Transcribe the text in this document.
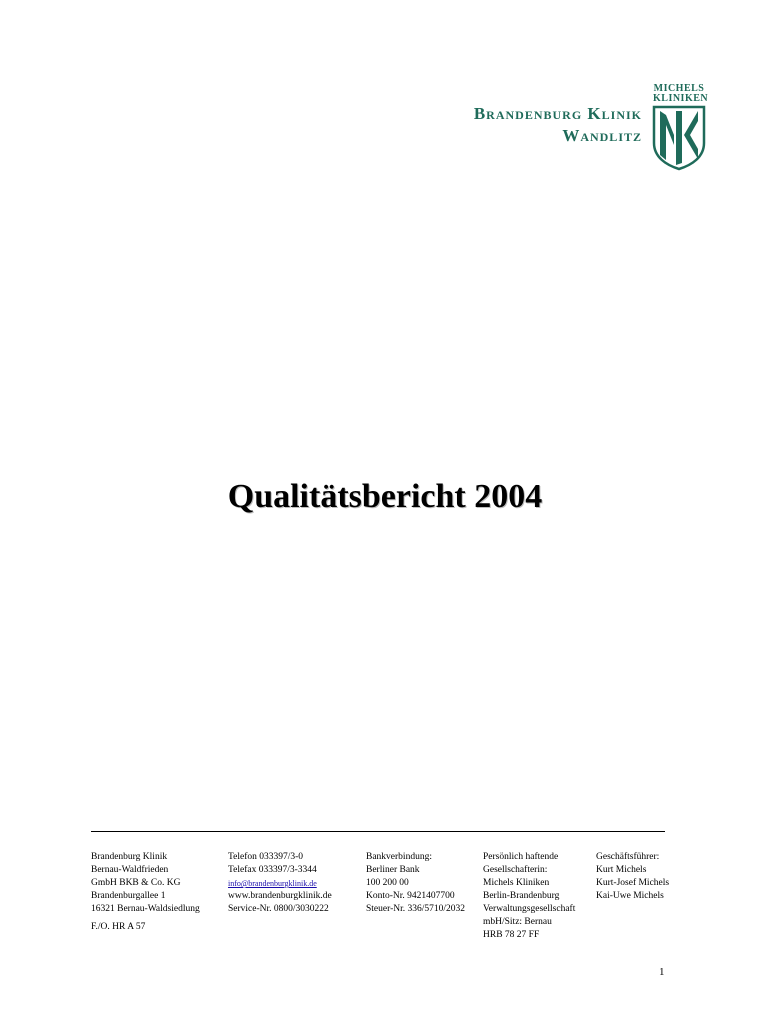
Brandenburg Klinik
Wandlitz
MICHELS
KLINIKEN
Qualitätsbericht 2004
Brandenburg Klinik
Bernau-Waldfrieden
GmbH BKB & Co. KG
Brandenburgallee 1
16321 Bernau-Waldsiedlung
Telefon 033397/3-0
Telefax 033397/3-3344
info@brandenburgklinik.de
www.brandenburgklinik.de
Service-Nr. 0800/3030222
Bankverbindung:
Berliner Bank
100 200 00
Konto-Nr. 9421407700
Steuer-Nr. 336/5710/2032
Persönlich haftende
Gesellschafterin:
Michels Kliniken
Berlin-Brandenburg
Verwaltungsgesellschaft
mbH/Sitz: Bernau
HRB 78 27 FF
Geschäftsführer:
Kurt Michels
Kurt-Josef Michels
Kai-Uwe Michels
F./O. HR A 57
1
